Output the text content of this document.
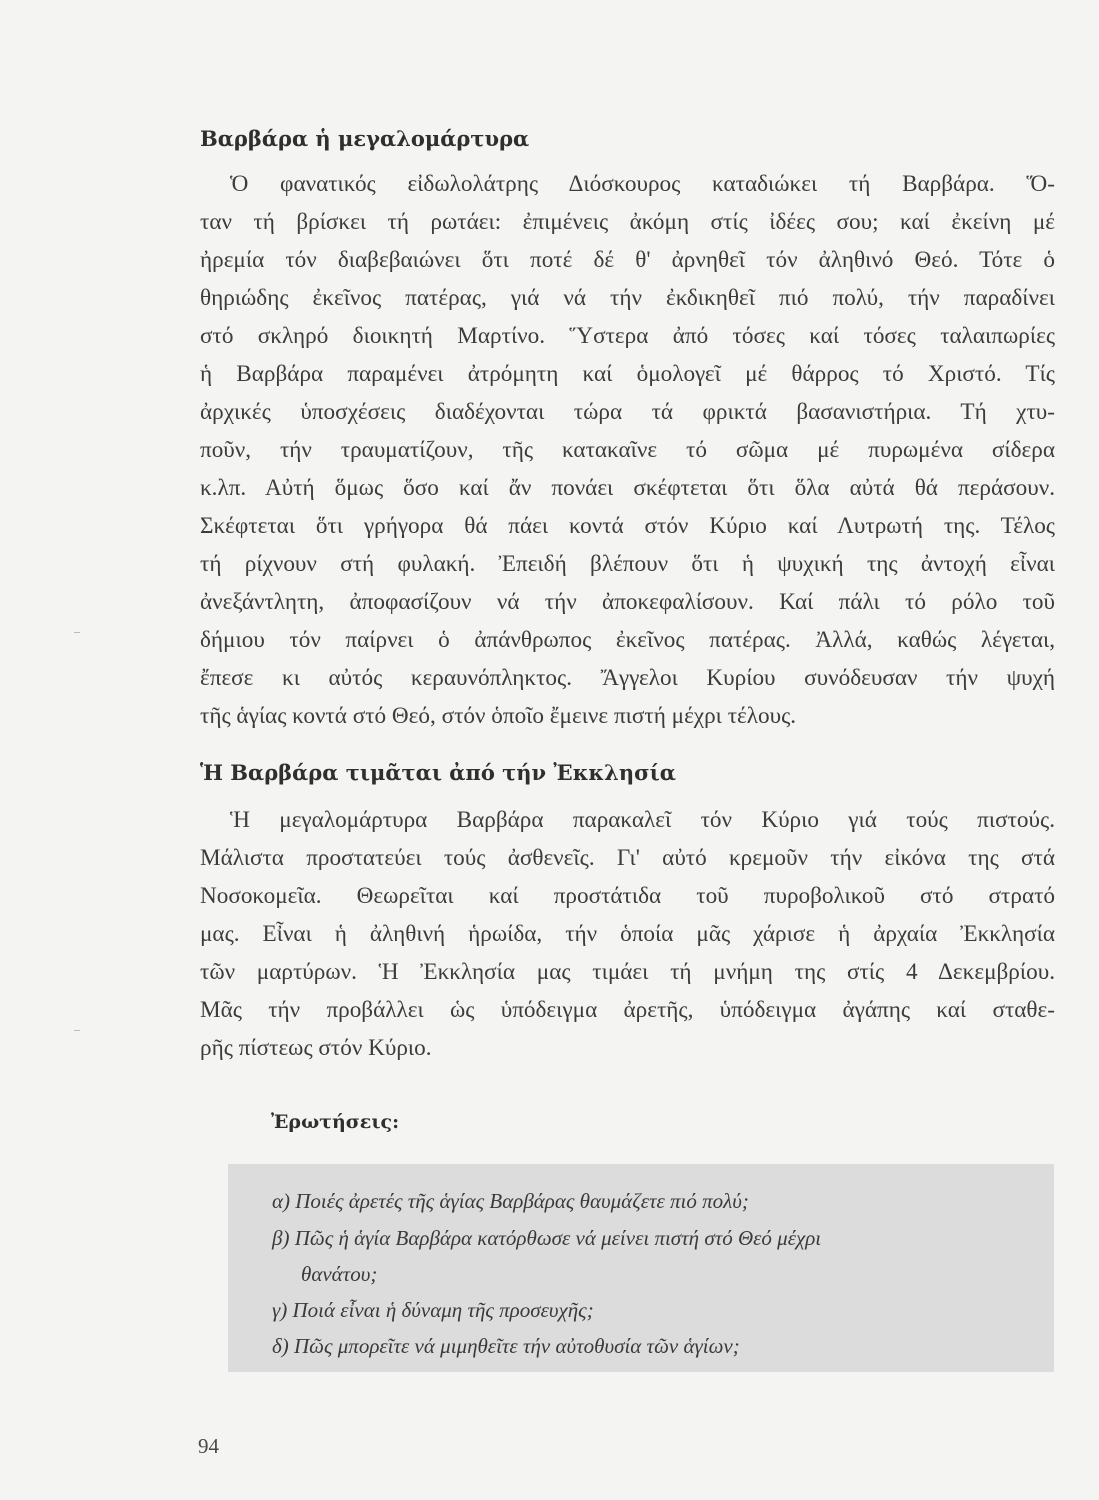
Βαρβάρα ἡ μεγαλομάρτυρα
Ὁ φανατικός εἰδωλολάτρης Διόσκουρος καταδιώκει τή Βαρβάρα. Ὅ-
ταν τή βρίσκει τή ρωτάει: ἐπιμένεις ἀκόμη στίς ἰδέες σου; καί ἐκείνη μέ
ἠρεμία τόν διαβεβαιώνει ὅτι ποτέ δέ θ' ἀρνηθεῖ τόν ἀληθινό Θεό. Τότε ὁ
θηριώδης ἐκεῖνος πατέρας, γιά νά τήν ἐκδικηθεῖ πιό πολύ, τήν παραδίνει
στό σκληρό διοικητή Μαρτίνο. Ὕστερα ἀπό τόσες καί τόσες ταλαιπωρίες
ἡ Βαρβάρα παραμένει ἀτρόμητη καί ὁμολογεῖ μέ θάρρος τό Χριστό. Τίς
ἀρχικές ὑποσχέσεις διαδέχονται τώρα τά φρικτά βασανιστήρια. Τή χτυ-
ποῦν, τήν τραυματίζουν, τῆς κατακαῖνε τό σῶμα μέ πυρωμένα σίδερα
κ.λπ. Αὐτή ὅμως ὅσο καί ἄν πονάει σκέφτεται ὅτι ὅλα αὐτά θά περάσουν.
Σκέφτεται ὅτι γρήγορα θά πάει κοντά στόν Κύριο καί Λυτρωτή της. Τέλος
τή ρίχνουν στή φυλακή. Ἐπειδή βλέπουν ὅτι ἡ ψυχική της ἀντοχή εἶναι
ἀνεξάντλητη, ἀποφασίζουν νά τήν ἀποκεφαλίσουν. Καί πάλι τό ρόλο τοῦ
δήμιου τόν παίρνει ὁ ἀπάνθρωπος ἐκεῖνος πατέρας. Ἀλλά, καθώς λέγεται,
ἔπεσε κι αὐτός κεραυνόπληκτος. Ἄγγελοι Κυρίου συνόδευσαν τήν ψυχή
τῆς ἁγίας κοντά στό Θεό, στόν ὁποῖο ἔμεινε πιστή μέχρι τέλους.
Ἡ Βαρβάρα τιμᾶται ἀπό τήν Ἐκκλησία
Ἡ μεγαλομάρτυρα Βαρβάρα παρακαλεῖ τόν Κύριο γιά τούς πιστούς.
Μάλιστα προστατεύει τούς ἀσθενεῖς. Γι' αὐτό κρεμοῦν τήν εἰκόνα της στά
Νοσοκομεῖα. Θεωρεῖται καί προστάτιδα τοῦ πυροβολικοῦ στό στρατό
μας. Εἶναι ἡ ἀληθινή ἡρωίδα, τήν ὁποία μᾶς χάρισε ἡ ἀρχαία Ἐκκλησία
τῶν μαρτύρων. Ἡ Ἐκκλησία μας τιμάει τή μνήμη της στίς 4 Δεκεμβρίου.
Μᾶς τήν προβάλλει ὡς ὑπόδειγμα ἀρετῆς, ὑπόδειγμα ἀγάπης καί σταθε-
ρῆς πίστεως στόν Κύριο.
Ἐρωτήσεις:
α) Ποιές ἀρετές τῆς ἁγίας Βαρβάρας θαυμάζετε πιό πολύ;
β) Πῶς ἡ ἁγία Βαρβάρα κατόρθωσε νά μείνει πιστή στό Θεό μέχρι
θανάτου;
γ) Ποιά εἶναι ἡ δύναμη τῆς προσευχῆς;
δ) Πῶς μπορεῖτε νά μιμηθεῖτε τήν αὐτοθυσία τῶν ἁγίων;
94
